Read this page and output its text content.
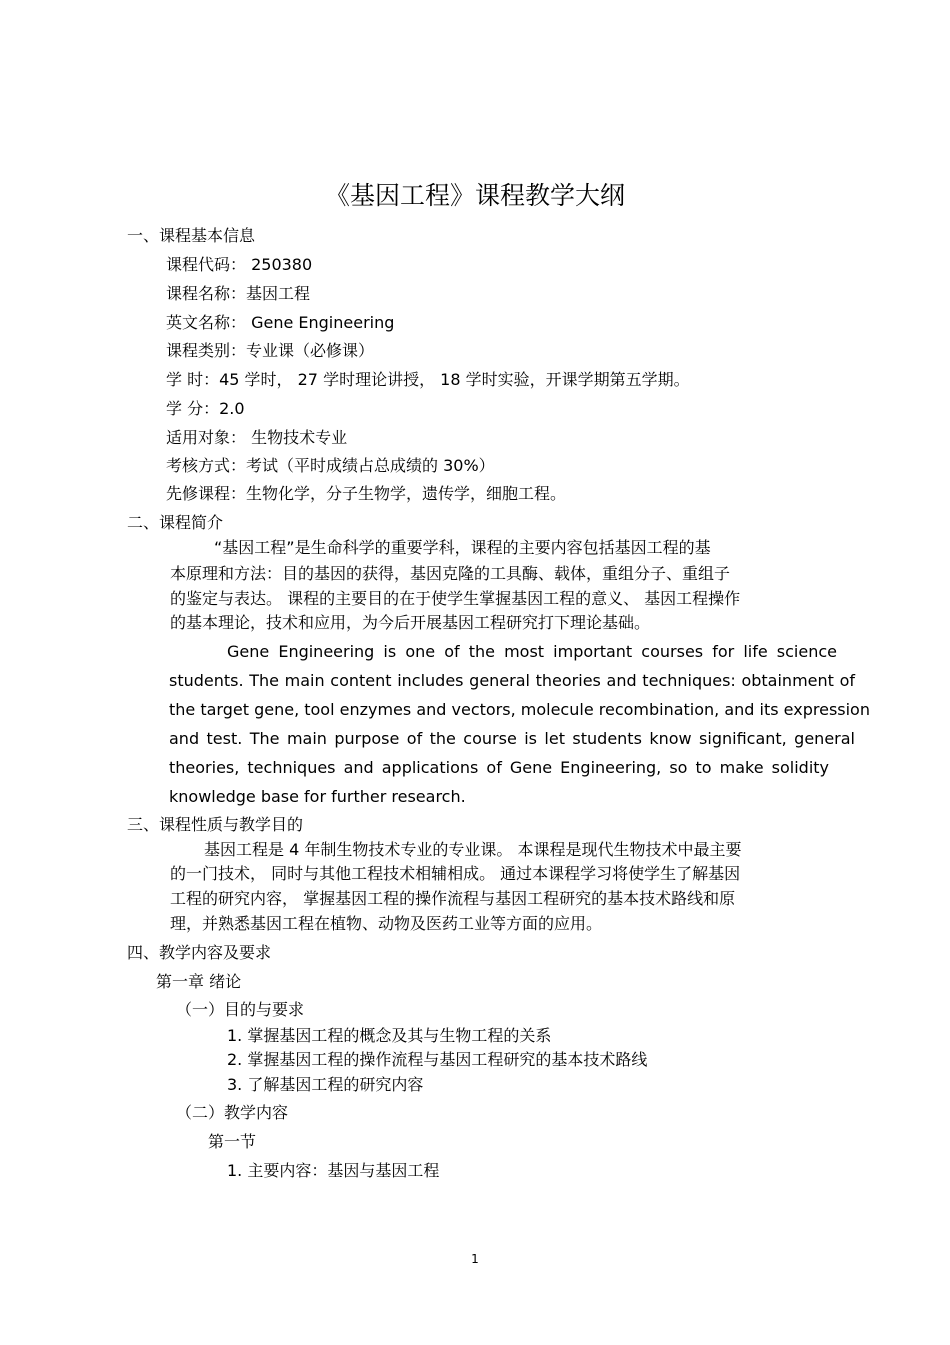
《基因工程》课程教学大纲
一、课程基本信息
课程代码： 250380
课程名称：基因工程
英文名称： Gene Engineering
课程类别：专业课（必修课）
学 时：45 学时， 27 学时理论讲授， 18 学时实验，开课学期第五学期。
学 分：2.0
适用对象： 生物技术专业
考核方式：考试（平时成绩占总成绩的 30%）
先修课程：生物化学，分子生物学，遗传学，细胞工程。
二、课程简介
“基因工程”是生命科学的重要学科，课程的主要内容包括基因工程的基
本原理和方法：目的基因的获得，基因克隆的工具酶、载体，重组分子、重组子
的鉴定与表达。 课程的主要目的在于使学生掌握基因工程的意义、 基因工程操作
的基本理论，技术和应用，为今后开展基因工程研究打下理论基础。
Gene Engineering is one of the most important courses for life science
students. The main content includes general theories and techniques: obtainment of
the target gene, tool enzymes and vectors, molecule recombination, and its expression
and test. The main purpose of the course is let students know significant, general
theories, techniques and applications of Gene Engineering, so to make solidity
knowledge base for further research.
三、课程性质与教学目的
基因工程是 4 年制生物技术专业的专业课。 本课程是现代生物技术中最主要
的一门技术， 同时与其他工程技术相辅相成。 通过本课程学习将使学生了解基因
工程的研究内容， 掌握基因工程的操作流程与基因工程研究的基本技术路线和原
理，并熟悉基因工程在植物、动物及医药工业等方面的应用。
四、教学内容及要求
第一章 绪论
（一）目的与要求
1. 掌握基因工程的概念及其与生物工程的关系
2. 掌握基因工程的操作流程与基因工程研究的基本技术路线
3. 了解基因工程的研究内容
（二）教学内容
第一节
1. 主要内容：基因与基因工程
1
